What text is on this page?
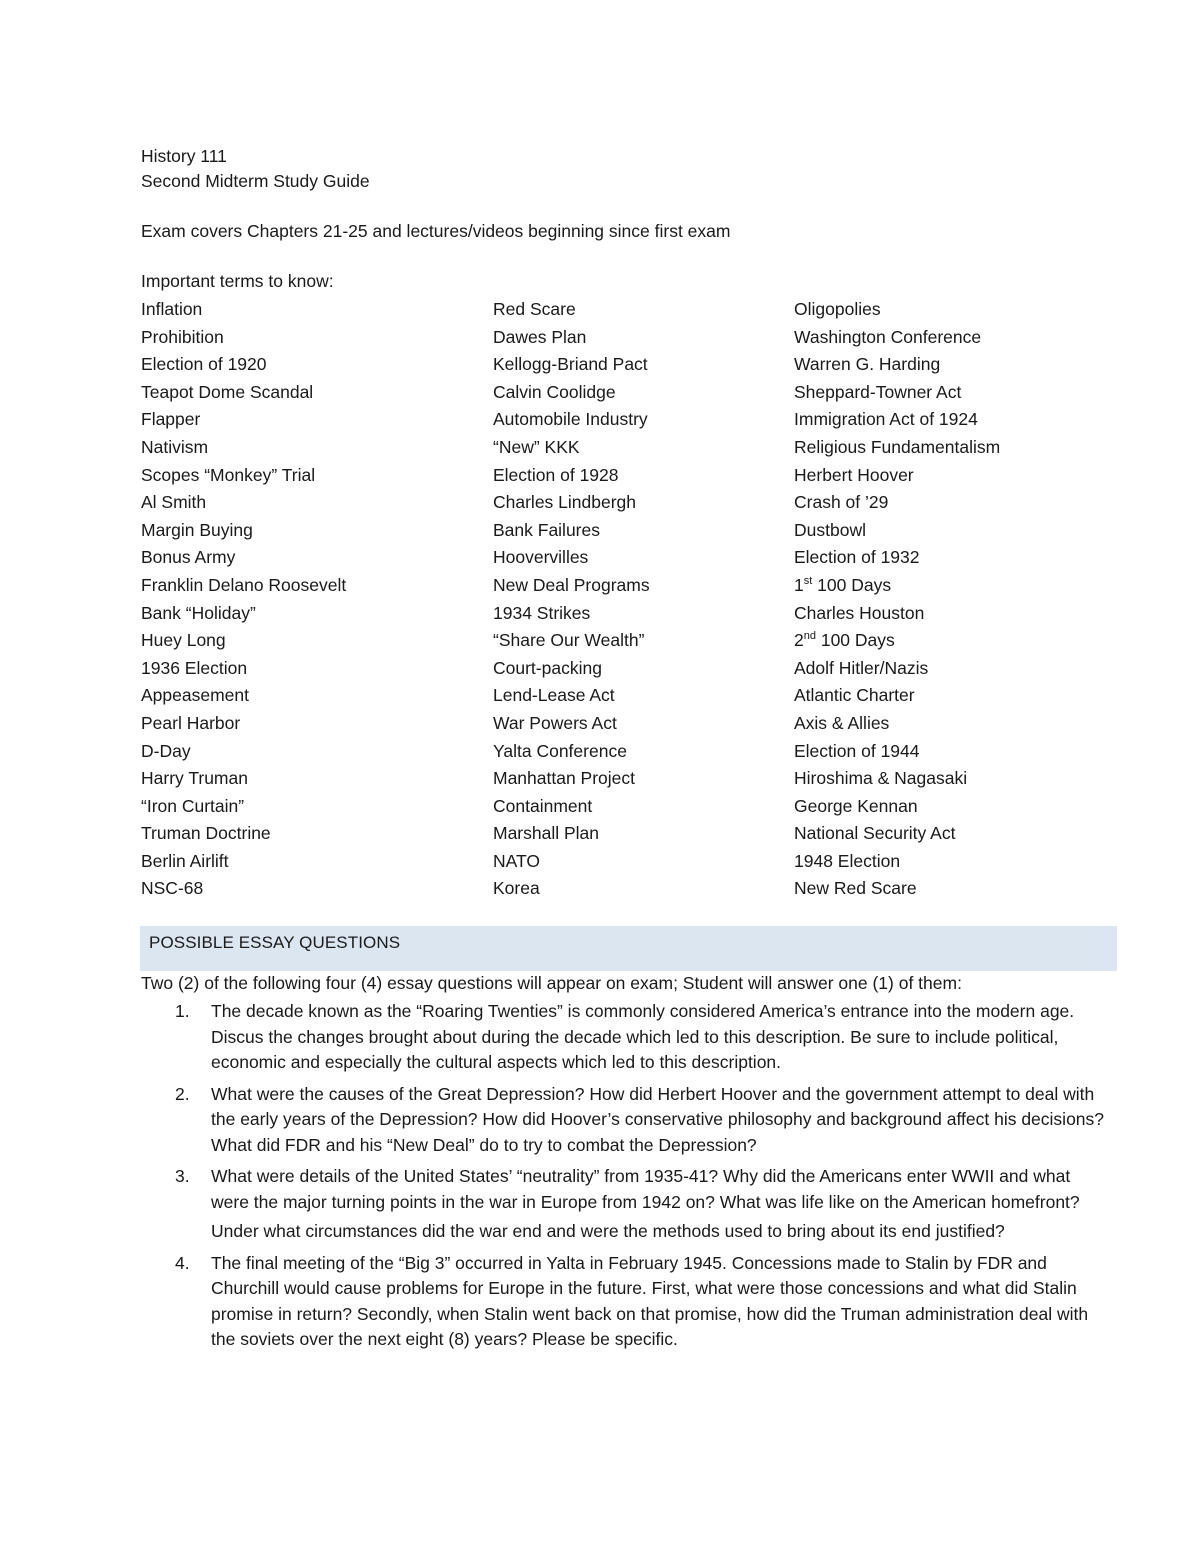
History 111
Second Midterm Study Guide
Exam covers Chapters 21-25 and lectures/videos beginning since first exam
Important terms to know:
Inflation	Red Scare	Oligopolies
Prohibition	Dawes Plan	Washington Conference
Election of 1920	Kellogg-Briand Pact	Warren G. Harding
Teapot Dome Scandal	Calvin Coolidge	Sheppard-Towner Act
Flapper	Automobile Industry	Immigration Act of 1924
Nativism	“New” KKK	Religious Fundamentalism
Scopes “Monkey” Trial	Election of 1928	Herbert Hoover
Al Smith	Charles Lindbergh	Crash of ’29
Margin Buying	Bank Failures	Dustbowl
Bonus Army	Hoovervilles	Election of 1932
Franklin Delano Roosevelt	New Deal Programs	1st 100 Days
Bank “Holiday”	1934 Strikes	Charles Houston
Huey Long	“Share Our Wealth”	2nd 100 Days
1936 Election	Court-packing	Adolf Hitler/Nazis
Appeasement	Lend-Lease Act	Atlantic Charter
Pearl Harbor	War Powers Act	Axis & Allies
D-Day	Yalta Conference	Election of 1944
Harry Truman	Manhattan Project	Hiroshima & Nagasaki
“Iron Curtain”	Containment	George Kennan
Truman Doctrine	Marshall Plan	National Security Act
Berlin Airlift	NATO	1948 Election
NSC-68	Korea	New Red Scare
POSSIBLE ESSAY QUESTIONS
Two (2) of the following four (4) essay questions will appear on exam; Student will answer one (1) of them:
1. The decade known as the “Roaring Twenties” is commonly considered America’s entrance into the modern age. Discus the changes brought about during the decade which led to this description. Be sure to include political, economic and especially the cultural aspects which led to this description.
2. What were the causes of the Great Depression? How did Herbert Hoover and the government attempt to deal with the early years of the Depression? How did Hoover’s conservative philosophy and background affect his decisions? What did FDR and his “New Deal” do to try to combat the Depression?
3. What were details of the United States’ “neutrality” from 1935-41? Why did the Americans enter WWII and what were the major turning points in the war in Europe from 1942 on? What was life like on the American homefront?
Under what circumstances did the war end and were the methods used to bring about its end justified?
4. The final meeting of the “Big 3” occurred in Yalta in February 1945. Concessions made to Stalin by FDR and Churchill would cause problems for Europe in the future. First, what were those concessions and what did Stalin promise in return? Secondly, when Stalin went back on that promise, how did the Truman administration deal with the soviets over the next eight (8) years? Please be specific.
